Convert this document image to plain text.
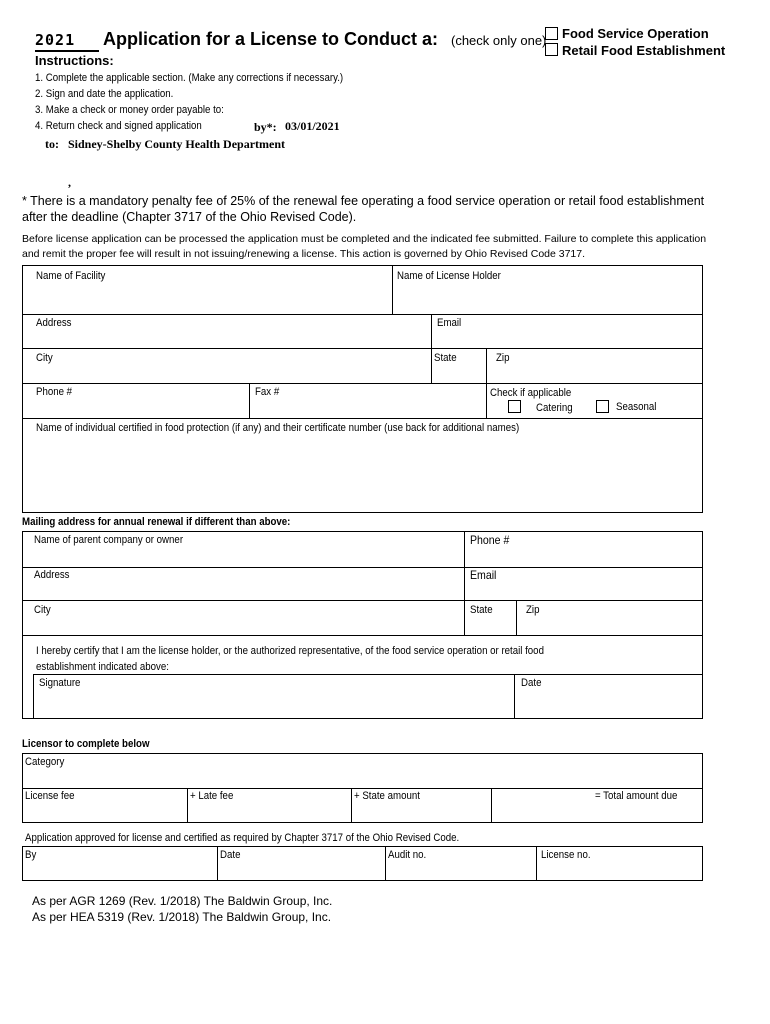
2021	Application for a License to Conduct a: (check only one) Food Service Operation
Retail Food Establishment
Instructions:
1. Complete the applicable section. (Make any corrections if necessary.)
2. Sign and date the application.
3. Make a check or money order payable to:
4. Return check and signed application	by*: 03/01/2021
to: Sidney-Shelby County Health Department
,
* There is a mandatory penalty fee of 25% of the renewal fee operating a food service operation or retail food establishment after the deadline (Chapter 3717 of the Ohio Revised Code).
Before license application can be processed the application must be completed and the indicated fee submitted. Failure to complete this application and remit the proper fee will result in not issuing/renewing a license. This action is governed by Ohio Revised Code 3717.
Name of Facility	Name of License Holder
Address	Email
City	State	Zip
Phone #	Fax #	Check if applicable
Catering	Seasonal
Name of individual certified in food protection (if any) and their certificate number (use back for additional names)
Mailing address for annual renewal if different than above:
Name of parent company or owner	Phone #
Address	Email
City	State	Zip
I hereby certify that I am the license holder, or the authorized representative, of the food service operation or retail food establishment indicated above:
Signature	Date
Licensor to complete below
Category
License fee	+ Late fee	+ State amount	= Total amount due
Application approved for license and certified as required by Chapter 3717 of the Ohio Revised Code.
By	Date	Audit no.	License no.
As per AGR 1269 (Rev. 1/2018) The Baldwin Group, Inc.
As per HEA 5319 (Rev. 1/2018) The Baldwin Group, Inc.
